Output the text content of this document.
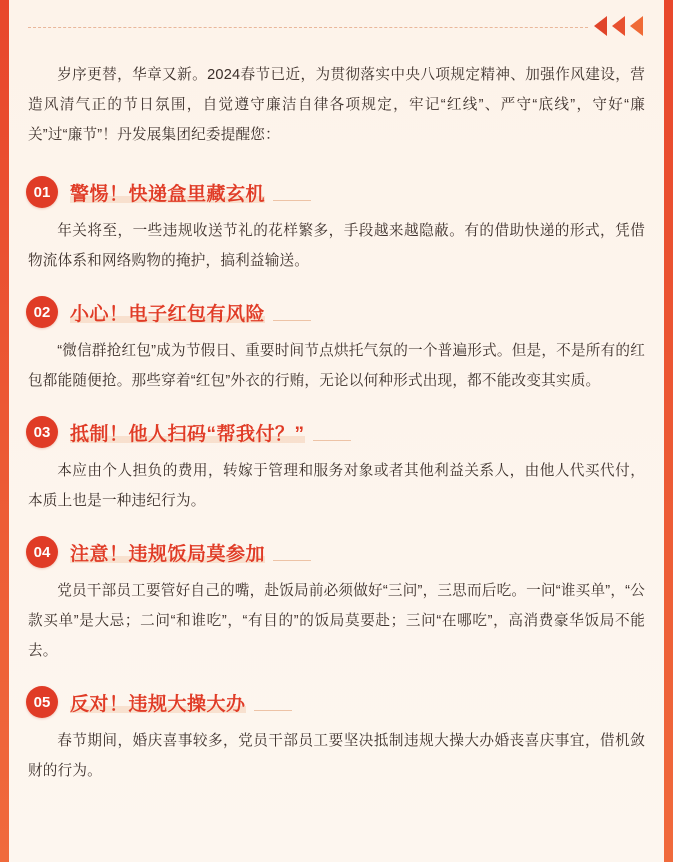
岁序更替，华章又新。2024春节已近，为贯彻落实中央八项规定精神、加强作风建设，营造风清气正的节日氛围，自觉遵守廉洁自律各项规定，牢记“红线”、严守“底线”，守好“廉关”过“廉节”！丹发展集团纪委提醒您：

01	警惕！快递盒里藏玄机

年关将至，一些违规收送节礼的花样繁多，手段越来越隐蔽。有的借助快递的形式，凭借物流体系和网络购物的掩护，搞利益输送。

02	小心！电子红包有风险

“微信群抢红包”成为节假日、重要时间节点烘托气氛的一个普遍形式。但是，不是所有的红包都能随便抢。那些穿着“红包”外衣的行贿，无论以何种形式出现，都不能改变其实质。

03	抵制！他人扫码“帮我付？”

本应由个人担负的费用，转嫁于管理和服务对象或者其他利益关系人，由他人代买代付，本质上也是一种违纪行为。

04	注意！违规饭局莫参加

党员干部员工要管好自己的嘴，赴饭局前必须做好“三问”，三思而后吃。一问“谁买单”，“公款买单”是大忌；二问“和谁吃”，“有目的”的饭局莫要赴；三问“在哪吃”，高消费豪华饭局不能去。

05	反对！违规大操大办

春节期间，婚庆喜事较多，党员干部员工要坚决抵制违规大操大办婚丧喜庆事宜，借机敛财的行为。
